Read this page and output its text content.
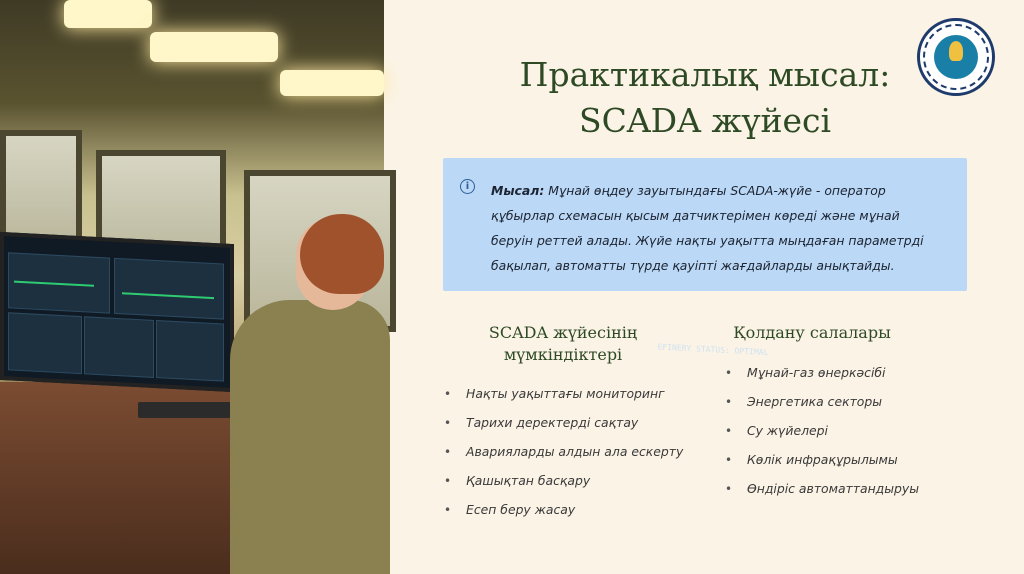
EFINERY STATUS: OPTIMAL
Практикалық мысал:
SCADA жүйесі
i	Мысал: Мұнай өңдеу зауытындағы SCADA-жүйе - оператор құбырлар схемасын қысым датчиктерімен көреді және мұнай беруін реттей алады. Жүйе нақты уақытта мыңдаған параметрді бақылап, автоматты түрде қауіпті жағдайларды анықтайды.

SCADA жүйесінің
мүмкіндіктері
• Нақты уақыттағы мониторинг
• Тарихи деректерді сақтау
• Аварияларды алдын ала ескерту
• Қашықтан басқару
• Есеп беру жасау
Қолдану салалары
• Мұнай-газ өнеркәсібі
• Энергетика секторы
• Су жүйелері
• Көлік инфрақұрылымы
• Өндіріс автоматтандыруы
